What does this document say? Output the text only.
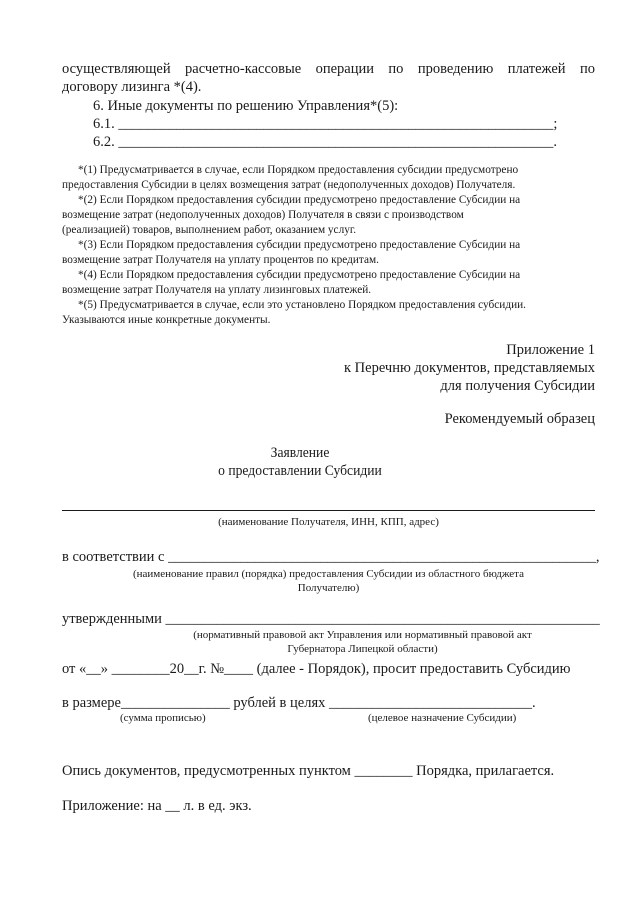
осуществляющей расчетно-кассовые операции по проведению платежей по
договору лизинга *(4).
6. Иные документы по решению Управления*(5):
6.1. ____________________________________________________________;
6.2. ____________________________________________________________.
*(1) Предусматривается в случае, если Порядком предоставления субсидии предусмотрено
предоставления Субсидии в целях возмещения затрат (недополученных доходов) Получателя.
*(2) Если Порядком предоставления субсидии предусмотрено предоставление Субсидии на
возмещение затрат (недополученных доходов) Получателя в связи с производством
(реализацией) товаров, выполнением работ, оказанием услуг.
*(3) Если Порядком предоставления субсидии предусмотрено предоставление Субсидии на
возмещение затрат Получателя на уплату процентов по кредитам.
*(4) Если Порядком предоставления субсидии предусмотрено предоставление Субсидии на
возмещение затрат Получателя на уплату лизинговых платежей.
*(5) Предусматривается в случае, если это установлено Порядком предоставления субсидии.
Указываются иные конкретные документы.
Приложение 1
к Перечню документов, представляемых
для получения Субсидии
Рекомендуемый образец
Заявление
о предоставлении Субсидии
(наименование Получателя, ИНН, КПП, адрес)
в соответствии с ___________________________________________________________,
(наименование правил (порядка) предоставления Субсидии из областного бюджета
Получателю)
утвержденными ____________________________________________________________
(нормативный правовой акт Управления или нормативный правовой акт
Губернатора Липецкой области)
от «__» ________20__г. №____ (далее - Порядок), просит предоставить Субсидию
в размере_______________ рублей в целях ____________________________.
(сумма прописью)	(целевое назначение Субсидии)
Опись документов, предусмотренных пунктом ________ Порядка, прилагается.
Приложение: на __ л. в ед. экз.
